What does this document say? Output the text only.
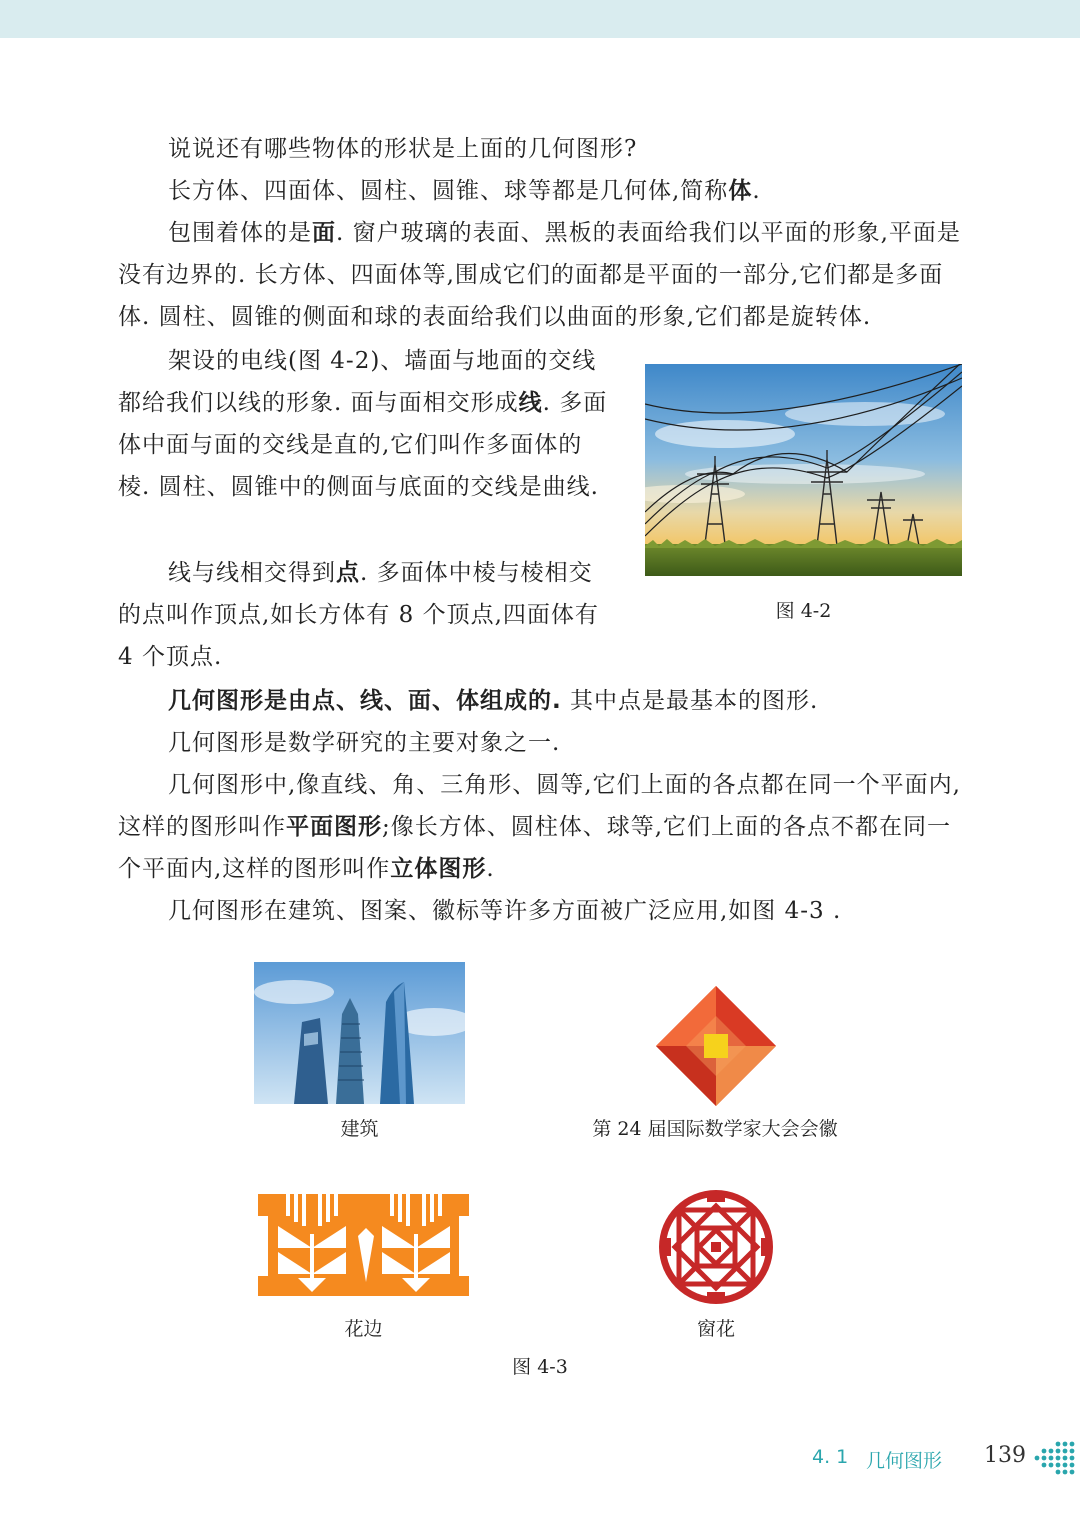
说说还有哪些物体的形状是上面的几何图形?

长方体、四面体、圆柱、圆锥、球等都是几何体,简称体.

包围着体的是面. 窗户玻璃的表面、黑板的表面给我们以平面的形象,平面是没有边界的. 长方体、四面体等,围成它们的面都是平面的一部分,它们都是多面体. 圆柱、圆锥的侧面和球的表面给我们以曲面的形象,它们都是旋转体.

架设的电线(图 4-2)、墙面与地面的交线都给我们以线的形象. 面与面相交形成线. 多面体中面与面的交线是直的,它们叫作多面体的棱. 圆柱、圆锥中的侧面与底面的交线是曲线.

线与线相交得到点. 多面体中棱与棱相交的点叫作顶点,如长方体有 8 个顶点,四面体有 4 个顶点.

图 4-2

几何图形是由点、线、面、体组成的. 其中点是最基本的图形.

几何图形是数学研究的主要对象之一.

几何图形中,像直线、角、三角形、圆等,它们上面的各点都在同一个平面内,这样的图形叫作平面图形;像长方体、圆柱体、球等,它们上面的各点不都在同一个平面内,这样的图形叫作立体图形.

几何图形在建筑、图案、徽标等许多方面被广泛应用,如图 4-3 .

建筑	第 24 届国际数学家大会会徽
花边	窗花
图 4-3
4. 1 几何图形 139
